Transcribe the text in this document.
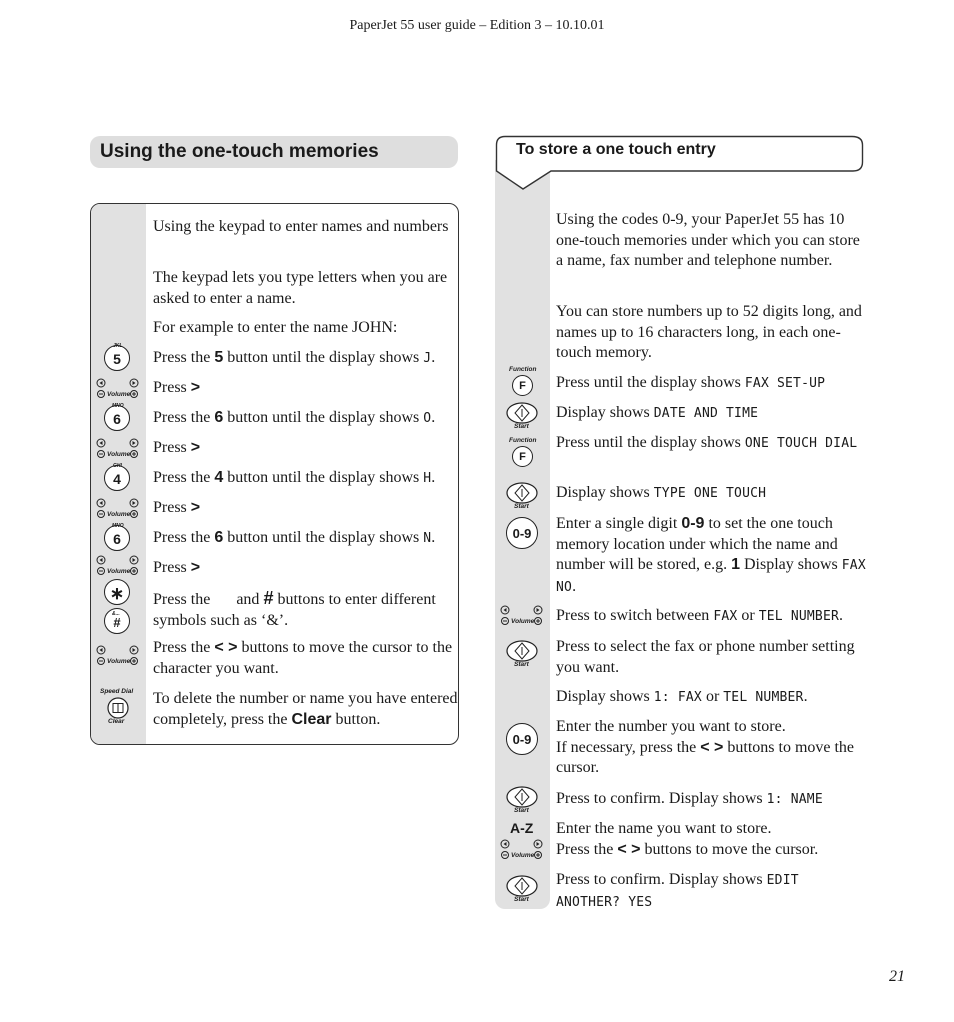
PaperJet 55 user guide – Edition 3 – 10.10.01
Using the one-touch memories
Using the keypad to enter names and numbers
The keypad lets you type letters when you are asked to enter a name.
For example to enter the name JOHN:
Press the 5 button until the display shows J.
Press >
Press the 6 button until the display shows O.
Press >
Press the 4 button until the display shows H.
Press >
Press the 6 button until the display shows N.
Press >
Press the and # buttons to enter different symbols such as ‘&’.
Press the < > buttons to move the cursor to the character you want.
To delete the number or name you have entered completely, press the Clear button.
5
JKL
Volume
6
MNO
Volume
4
GHI
Volume
6
MNO
Volume
∗
#
&...
Volume
Speed Dial
Clear
To store a one touch entry
Using the codes 0-9, your PaperJet 55 has 10 one-touch memories under which you can store a name, fax number and telephone number.
You can store numbers up to 52 digits long, and names up to 16 characters long, in each one-touch memory.
Press until the display shows FAX SET-UP
Display shows DATE AND TIME
Press until the display shows ONE TOUCH DIAL
Display shows TYPE ONE TOUCH
Enter a single digit 0-9 to set the one touch memory location under which the name and number will be stored, e.g. 1 Display shows FAX NO.
Press to switch between FAX or TEL NUMBER.
Press to select the fax or phone number setting you want.
Display shows 1: FAX or TEL NUMBER.
Enter the number you want to store.
If necessary, press the < > buttons to move the cursor.
Press to confirm. Display shows 1: NAME
Enter the name you want to store.
Press the < > buttons to move the cursor.
Press to confirm. Display shows EDIT ANOTHER? YES
Function
F
Start
Function
F
Start
0-9
Volume
Start
0-9
Start
A-Z
Volume
Start
21
